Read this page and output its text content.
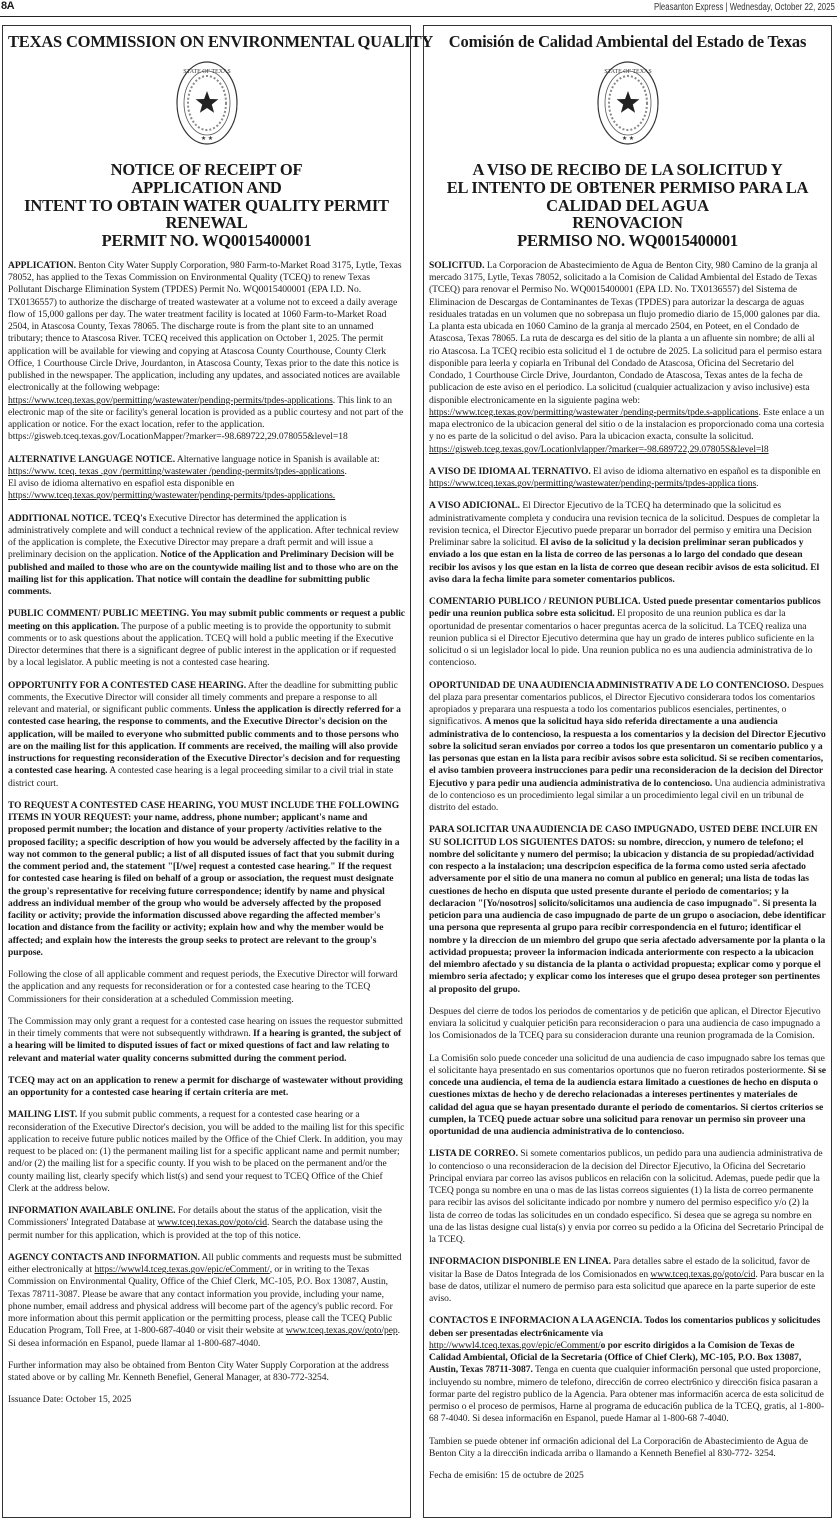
8A	Pleasanton Express | Wednesday, October 22, 2025
TEXAS COMMISSION ON ENVIRONMENTAL QUALITY
STATE OF TEXAS
★ ★
NOTICE OF RECEIPT OF
APPLICATION AND
INTENT TO OBTAIN WATER QUALITY PERMIT
RENEWAL
PERMIT NO. WQ0015400001

APPLICATION. Benton City Water Supply Corporation, 980 Farm-to-Market Road 3175, Lytle, Texas 78052, has applied to the Texas Commission on Environmental Quality (TCEQ) to renew Texas Pollutant Discharge Elimination System (TPDES) Permit No. WQ0015400001 (EPA I.D. No. TX0136557) to authorize the discharge of treated wastewater at a volume not to exceed a daily average flow of 15,000 gallons per day. The water treatment facility is located at 1060 Farm-to-Market Road 2504, in Atascosa County, Texas 78065. The discharge route is from the plant site to an unnamed tributary; thence to Atascosa River. TCEQ received this application on October 1, 2025. The permit application will be available for viewing and copying at Atascosa County Courthouse, County Clerk Office, 1 Courthouse Circle Drive, Jourdanton, in Atascosa County, Texas prior to the date this notice is published in the newspaper. The application, including any updates, and associated notices are available electronically at the following webpage:
https://www.tceq.texas.gov/permitting/wastewater/pending-permits/tpdes-applications. This link to an electronic map of the site or facility's general location is provided as a public courtesy and not part of the application or notice. For the exact location, refer to the application. bttps://gisweb.tceq.texas.gov/LocationMapper/?marker=-98.689722,29.078055&level=18

ALTERNATIVE LANGUAGE NOTICE. Alternative language notice in Spanish is available at: https://www. tceq. texas .gov /permitting/wastewater /pending-permits/tpdes-applications.
El aviso de idioma alternativo en espafiol esta disponible en
https://www.tceq.texas.gov/permitting/wastewater/pending-permits/tpdes-applications.

ADDITIONAL NOTICE. TCEQ's Executive Director has determined the application is administratively complete and will conduct a technical review of the application. After technical review of the application is complete, the Executive Director may prepare a draft permit and will issue a preliminary decision on the application. Notice of the Application and Preliminary Decision will be published and mailed to those who are on the countywide mailing list and to those who are on the mailing list for this application. That notice will contain the deadline for submitting public comments.

PUBLIC COMMENT/ PUBLIC MEETING. You may submit public comments or request a public meeting on this application. The purpose of a public meeting is to provide the opportunity to submit comments or to ask questions about the application. TCEQ will hold a public meeting if the Executive Director determines that there is a significant degree of public interest in the application or if requested by a local legislator. A public meeting is not a contested case hearing.

OPPORTUNITY FOR A CONTESTED CASE HEARING. After the deadline for submitting public comments, the Executive Director will consider all timely comments and prepare a response to all relevant and material, or significant public comments. Unless the application is directly referred for a contested case hearing, the response to comments, and the Executive Director's decision on the application, will be mailed to everyone who submitted public comments and to those persons who are on the mailing list for this application. If comments are received, the mailing will also provide instructions for requesting reconsideration of the Executive Director's decision and for requesting a contested case hearing. A contested case hearing is a legal proceeding similar to a civil trial in state district court.

TO REQUEST A CONTESTED CASE HEARING, YOU MUST INCLUDE THE FOLLOWING ITEMS IN YOUR REQUEST: your name, address, phone number; applicant's name and proposed permit number; the location and distance of your property /activities relative to the proposed facility; a specific description of how you would be adversely affected by the facility in a way not common to the general public; a list of all disputed issues of fact that you submit during the comment period and, the statement "[I/we] request a contested case hearing." If the request for contested case hearing is filed on behalf of a group or association, the request must designate the group's representative for receiving future correspondence; identify by name and physical address an individual member of the group who would be adversely affected by the proposed facility or activity; provide the information discussed above regarding the affected member's location and distance from the facility or activity; explain how and why the member would be affected; and explain how the interests the group seeks to protect are relevant to the group's purpose.

Following the close of all applicable comment and request periods, the Executive Director will forward the application and any requests for reconsideration or for a contested case hearing to the TCEQ Commissioners for their consideration at a scheduled Commission meeting.

The Commission may only grant a request for a contested case hearing on issues the requestor submitted in their timely comments that were not subsequently withdrawn. If a hearing is granted, the subject of a hearing will be limited to disputed issues of fact or mixed questions of fact and law relating to relevant and material water quality concerns submitted during the comment period.

TCEQ may act on an application to renew a permit for discharge of wastewater without providing an opportunity for a contested case hearing if certain criteria are met.

MAILING LIST. If you submit public comments, a request for a contested case hearing or a reconsideration of the Executive Director's decision, you will be added to the mailing list for this specific application to receive future public notices mailed by the Office of the Chief Clerk. In addition, you may request to be placed on: (1) the permanent mailing list for a specific applicant name and permit number; and/or (2) the mailing list for a specific county. If you wish to be placed on the permanent and/or the county mailing list, clearly specify which list(s) and send your request to TCEQ Office of the Chief Clerk at the address below.

INFORMATION AVAILABLE ONLINE. For details about the status of the application, visit the Commissioners' Integrated Database at www.tceq.texas.gov/goto/cid. Search the database using the permit number for this application, which is provided at the top of this notice.

AGENCY CONTACTS AND INFORMATION. All public comments and requests must be submitted either electronically at https://wwwl4.tceg.texas.gov/epic/eComment/, or in writing to the Texas Commission on Environmental Quality, Office of the Chief Clerk, MC-105, P.O. Box 13087, Austin, Texas 78711-3087. Please be aware that any contact information you provide, including your name, phone number, email address and physical address will become part of the agency's public record. For more information about this permit application or the permitting process, please call the TCEQ Public Education Program, Toll Free, at 1-800-687-4040 or visit their website at www.tceq.texas.gov/goto/pep. Si desea información en Espanol, puede llamar al 1-800-687-4040.

Further information may also be obtained from Benton City Water Supply Corporation at the address stated above or by calling Mr. Kenneth Benefiel, General Manager, at 830-772-3254.

Issuance Date: October 15, 2025

Comisión de Calidad Ambiental del Estado de Texas
STATE OF TEXAS
★ ★
A VISO DE RECIBO DE LA SOLICITUD Y
EL INTENTO DE OBTENER PERMISO PARA LA
CALIDAD DEL AGUA
RENOVACION
PERMISO NO. WQ0015400001

SOLICITUD. La Corporacion de Abastecimiento de Agua de Benton City, 980 Camino de la granja al mercado 3175, Lytle, Texas 78052, solicitado a la Comision de Calidad Ambiental del Estado de Texas (TCEQ) para renovar el Permiso No. WQ0015400001 (EPA I.D. No. TX0136557) del Sistema de Eliminacion de Descargas de Contaminantes de Texas (TPDES) para autorizar la descarga de aguas residuales tratadas en un volumen que no sobrepasa un flujo promedio diario de 15,000 galones par dia. La planta esta ubicada en 1060 Camino de la granja al mercado 2504, en Poteet, en el Condado de Atascosa, Texas 78065. La ruta de descarga es del sitio de la planta a un afluente sin nombre; de alli al rio Atascosa. La TCEQ recibio esta solicitud el 1 de octubre de 2025. La solicitud para el permiso estara disponible para leerla y copiarla en Tribunal del Condado de Atascosa, Oficina del Secretario del Condado, 1 Courthouse Circle Drive, Jourdanton, Condado de Atascosa, Texas antes de la fecha de publicacion de este aviso en el periodico. La solicitud (cualquier actualizacion y aviso inclusive) esta disponible electronicamente en la siguiente pagina web:
https://www.tceg.texas.gov/permitting/wastewater /pending-permits/tpde.s-applications. Este enlace a un mapa electronico de la ubicacion general del sitio o de la instalacion es proporcionado coma una cortesia y no es parte de la solicitud o del aviso. Para la ubicacion exacta, consulte la solicitud. https://gisweb.tceg.texas.gov/Locationlvlapper/?marker=-98.689722,29.07805S&level=l8

A VISO DE IDIOMA AL TERNATIVO. El aviso de idioma alternativo en español es ta disponible en https://www.tceq.texas.gov/permitting/wastewater/pending-permits/tpdes-applica tions.

A VISO ADICIONAL. El Director Ejecutivo de la TCEQ ha determinado que la solicitud es administrativamente completa y conducira una revision tecnica de la solicitud. Despues de completar la revision tecnica, el Director Ejecutivo puede preparar un borrador del permiso y emitira una Decision Preliminar sabre la solicitud. El aviso de la solicitud y la decision preliminar seran publicados y enviado a los que estan en la lista de correo de las personas a lo largo del condado que desean recibir los avisos y los que estan en la lista de correo que desean recibir avisos de esta solicitud. El aviso dara la fecha limite para someter comentarios publicos.

COMENTARIO PUBLICO / REUNION PUBLICA. Usted puede presentar comentarios publicos pedir una reunion publica sobre esta solicitud. El proposito de una reunion publica es dar la oportunidad de presentar comentarios o hacer preguntas acerca de la solicitud. La TCEQ realiza una reunion publica si el Director Ejecutivo determina que hay un grado de interes publico suficiente en la solicitud o si un legislador local lo pide. Una reunion publica no es una audiencia administrativa de lo contencioso.

OPORTUNIDAD DE UNA AUDIENCIA ADMINISTRATIV A DE LO CONTENCIOSO. Despues del plaza para presentar comentarios publicos, el Director Ejecutivo considerara todos los comentarios apropiados y preparara una respuesta a todo los comentarios publicos esenciales, pertinentes, o significativos. A menos que la solicitud haya sido referida directamente a una audiencia administrativa de lo contencioso, la respuesta a los comentarios y la decision del Director Ejecutivo sobre la solicitud seran enviados por correo a todos los que presentaron un comentario publico y a las personas que estan en la lista para recibir avisos sobre esta solicitud. Si se reciben comentarios, el aviso tambien proveera instrucciones para pedir una reconsideracion de la decision del Director Ejecutivo y para pedir una audiencia administrativa de lo contencioso. Una audiencia administrativa de lo contencioso es un procedimiento legal similar a un procedimiento legal civil en un tribunal de distrito del estado.

PARA SOLICITAR UNA AUDIENCIA DE CASO IMPUGNADO, USTED DEBE INCLUIR EN SU SOLICITUD LOS SIGUIENTES DATOS: su nombre, direccion, y numero de telefono; el nombre del solicitante y numero del permiso; la ubicacion y distancia de su propiedad/actividad con respecto a la instalacion; una descripcion especifica de la forma como usted seria afectado adversamente por el sitio de una manera no comun al publico en general; una lista de todas las cuestiones de hecho en disputa que usted presente durante el periodo de comentarios; y la declaracion "[Yo/nosotros] solicito/solicitamos una audiencia de caso impugnado". Si presenta la peticion para una audiencia de caso impugnado de parte de un grupo o asociacion, debe identificar una persona que representa al grupo para recibir correspondencia en el futuro; identificar el nombre y la direccion de un miembro del grupo que seria afectado adversamente por la planta o la actividad propuesta; proveer la informacion indicada anteriormente con respecto a la ubicacion del miembro afectado y su distancia de la planta o actividad propuesta; explicar como y porque el miembro seria afectado; y explicar como los intereses que el grupo desea proteger son pertinentes al proposito del grupo.

Despues del cierre de todos los periodos de comentarios y de petici6n que aplican, el Director Ejecutivo enviara la solicitud y cualquier petici6n para reconsideracion o para una audiencia de caso impugnado a los Comisionados de la TCEQ para su consideracion durante una reunion programada de la Comision.

La Comisi6n solo puede conceder una solicitud de una audiencia de caso impugnado sabre los temas que el solicitante haya presentado en sus comentarios oportunos que no fueron retirados posteriormente. Si se concede una audiencia, el tema de la audiencia estara limitado a cuestiones de hecho en disputa o cuestiones mixtas de hecho y de derecho relacionadas a intereses pertinentes y materiales de calidad del agua que se hayan presentado durante el periodo de comentarios. Si ciertos criterios se cumplen, la TCEQ puede actuar sobre una solicitud para renovar un permiso sin proveer una oportunidad de una audiencia administrativa de lo contencioso.

LISTA DE CORREO. Si somete comentarios publicos, un pedido para una audiencia administrativa de lo contencioso o una reconsideracion de la decision del Director Ejecutivo, la Oficina del Secretario Principal enviara par correo las avisos publicos en relaci6n con la solicitud. Ademas, puede pedir que la TCEQ ponga su nombre en una o mas de las listas correos siguientes (1) la lista de correo permanente para recibir las avisos del solicitante indicado por nombre y numero del permiso especifico y/o (2) la lista de correo de todas las solicitudes en un condado especifico. Si desea que se agrega su nombre en una de las listas designe cual lista(s) y envia por correo su pedido a la Oficina del Secretario Principal de la TCEQ.

INFORMACION DISPONIBLE EN LINEA. Para detalles sabre el estado de la solicitud, favor de visitar la Base de Datos Integrada de los Comisionados en www.tceq.texas.go/goto/cid. Para buscar en la base de datos, utilizar el numero de permiso para esta solicitud que aparece en la parte superior de este aviso.

CONTACTOS E INFORMACION A LA AGENCIA. Todos los comentarios publicos y solicitudes deben ser presentadas electr6nicamente via
http://wwwl4.tceq.texas.gov/epic/eComment/o por escrito dirigidos a la Comision de Texas de Calidad Ambiental, Oficial de la Secretaria (Office of Chief Clerk), MC-105, P.O. Box 13087, Austin, Texas 78711-3087. Tenga en cuenta que cualquier informaci6n personal que usted proporcione, incluyendo su nombre, mimero de telefono, direcci6n de correo electr6nico y direcci6n fisica pasaran a formar parte del registro publico de la Agencia. Para obtener mas informaci6n acerca de esta solicitud de permiso o el proceso de permisos, Harne al programa de educaci6n publica de la TCEQ, gratis, al 1-800-68 7-4040. Si desea informaci6n en Espanol, puede Hamar al 1-800-68 7-4040.

Tambien se puede obtener inf ormaci6n adicional del La Corporaci6n de Abastecimiento de Agua de Benton City a la direcci6n indicada arriba o llamando a Kenneth Benefiel al 830-772- 3254.

Fecha de emisi6n: 15 de octubre de 2025
